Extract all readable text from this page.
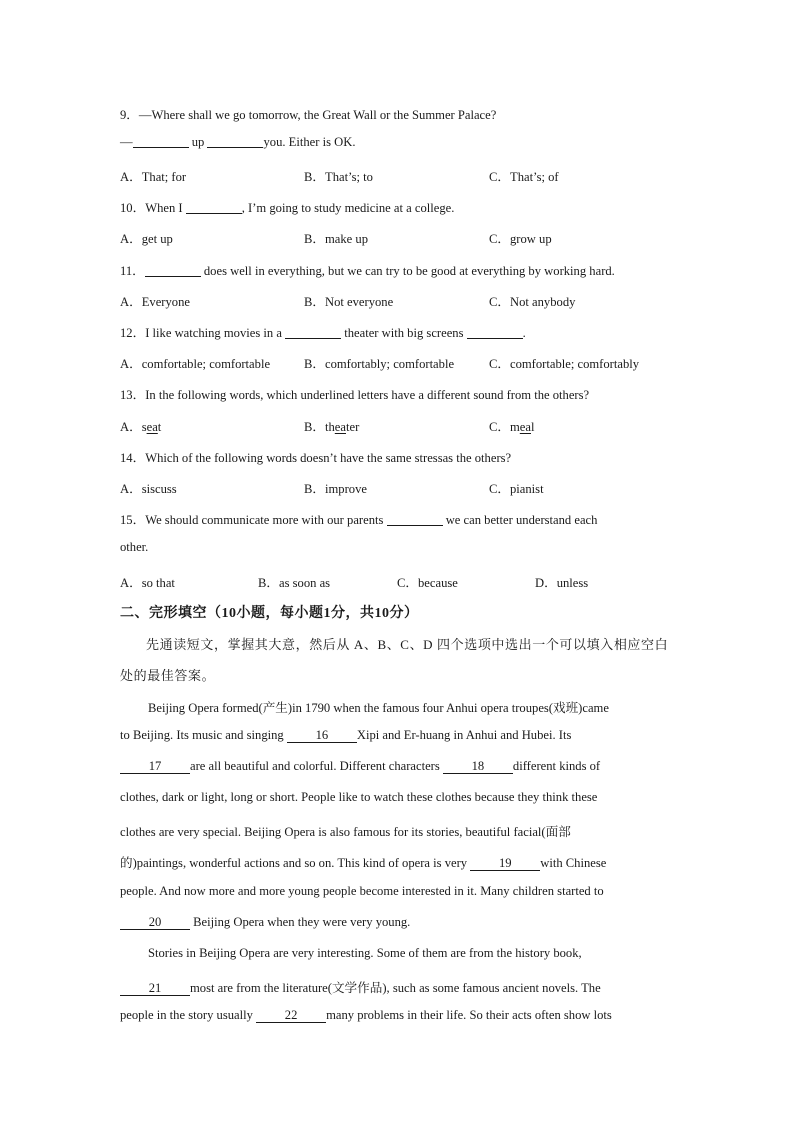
9．—Where shall we go tomorrow, the Great Wall or the Summer Palace?
—	up	you. Either is OK.
A．That; for	B．That’s; to	C．That’s; of
10．When I	, I’m going to study medicine at a college.
A．get up	B．make up	C．grow up
11．	does well in everything, but we can try to be good at everything by working hard.
A．Everyone	B．Not everyone	C．Not anybody
12．I like watching movies in a	theater with big screens	.
A．comfortable; comfortable	B．comfortably; comfortable	C．comfortable; comfortably
13．In the following words, which underlined letters have a different sound from the others?
A．seat	B．theater	C．meal
14．Which of the following words doesn’t have the same stressas the others?
A．siscuss	B．improve	C．pianist
15．We should communicate more with our parents	we can better understand each
other.
A．so that	B．as soon as	C．because	D．unless
二、完形填空（10小题，每小题1分，共10分）
先通读短文，掌握其大意，然后从 A、B、C、D 四个选项中选出一个可以填入相应空白
处的最佳答案。
Beijing Opera formed(产生)in 1790 when the famous four Anhui opera troupes(戏班)came
to Beijing. Its music and singing 16 Xipi and Er-huang in Anhui and Hubei. Its
17 are all beautiful and colorful. Different characters 18 different kinds of
clothes, dark or light, long or short. People like to watch these clothes because they think these
clothes are very special. Beijing Opera is also famous for its stories, beautiful facial(面部
的)paintings, wonderful actions and so on. This kind of opera is very 19 with Chinese
people. And now more and more young people become interested in it. Many children started to
20 Beijing Opera when they were very young.
Stories in Beijing Opera are very interesting. Some of them are from the history book,
21 most are from the literature(文学作品), such as some famous ancient novels. The
people in the story usually 22 many problems in their life. So their acts often show lots
